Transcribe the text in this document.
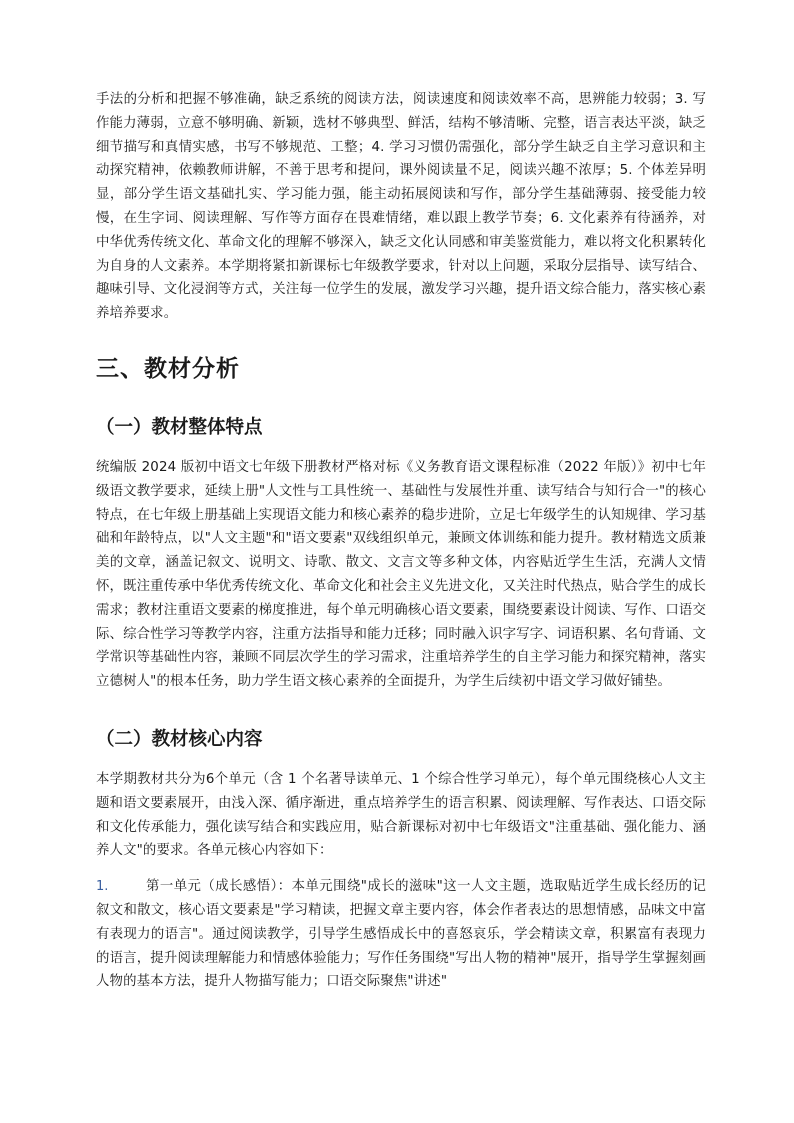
手法的分析和把握不够准确，缺乏系统的阅读方法，阅读速度和阅读效率不高，思辨能力较弱；3. 写作能力薄弱，立意不够明确、新颖，选材不够典型、鲜活，结构不够清晰、完整，语言表达平淡，缺乏细节描写和真情实感，书写不够规范、工整；4. 学习习惯仍需强化，部分学生缺乏自主学习意识和主动探究精神，依赖教师讲解，不善于思考和提问，课外阅读量不足，阅读兴趣不浓厚；5. 个体差异明显，部分学生语文基础扎实、学习能力强，能主动拓展阅读和写作，部分学生基础薄弱、接受能力较慢，在生字词、阅读理解、写作等方面存在畏难情绪，难以跟上教学节奏；6. 文化素养有待涵养，对中华优秀传统文化、革命文化的理解不够深入，缺乏文化认同感和审美鉴赏能力，难以将文化积累转化为自身的人文素养。本学期将紧扣新课标七年级教学要求，针对以上问题，采取分层指导、读写结合、趣味引导、文化浸润等方式，关注每一位学生的发展，激发学习兴趣，提升语文综合能力，落实核心素养培养要求。

三、教材分析
（一）教材整体特点

统编版 2024 版初中语文七年级下册教材严格对标《义务教育语文课程标准（2022 年版）》初中七年级语文教学要求，延续上册"人文性与工具性统一、基础性与发展性并重、读写结合与知行合一"的核心特点，在七年级上册基础上实现语文能力和核心素养的稳步进阶，立足七年级学生的认知规律、学习基础和年龄特点，以"人文主题"和"语文要素"双线组织单元，兼顾文体训练和能力提升。教材精选文质兼美的文章，涵盖记叙文、说明文、诗歌、散文、文言文等多种文体，内容贴近学生生活，充满人文情怀，既注重传承中华优秀传统文化、革命文化和社会主义先进文化，又关注时代热点，贴合学生的成长需求；教材注重语文要素的梯度推进，每个单元明确核心语文要素，围绕要素设计阅读、写作、口语交际、综合性学习等教学内容，注重方法指导和能力迁移；同时融入识字写字、词语积累、名句背诵、文学常识等基础性内容，兼顾不同层次学生的学习需求，注重培养学生的自主学习能力和探究精神，落实立德树人"的根本任务，助力学生语文核心素养的全面提升，为学生后续初中语文学习做好铺垫。

（二）教材核心内容

本学期教材共分为6个单元（含 1 个名著导读单元、1 个综合性学习单元），每个单元围绕核心人文主题和语文要素展开，由浅入深、循序渐进，重点培养学生的语言积累、阅读理解、写作表达、口语交际和文化传承能力，强化读写结合和实践应用，贴合新课标对初中七年级语文"注重基础、强化能力、涵养人文"的要求。各单元核心内容如下：

1.	第一单元（成长感悟）：本单元围绕"成长的滋味"这一人文主题，选取贴近学生成长经历的记叙文和散文，核心语文要素是"学习精读，把握文章主要内容，体会作者表达的思想情感，品味文中富有表现力的语言"。通过阅读教学，引导学生感悟成长中的喜怒哀乐，学会精读文章，积累富有表现力的语言，提升阅读理解能力和情感体验能力；写作任务围绕"写出人物的精神"展开，指导学生掌握刻画人物的基本方法，提升人物描写能力；口语交际聚焦"讲述"
